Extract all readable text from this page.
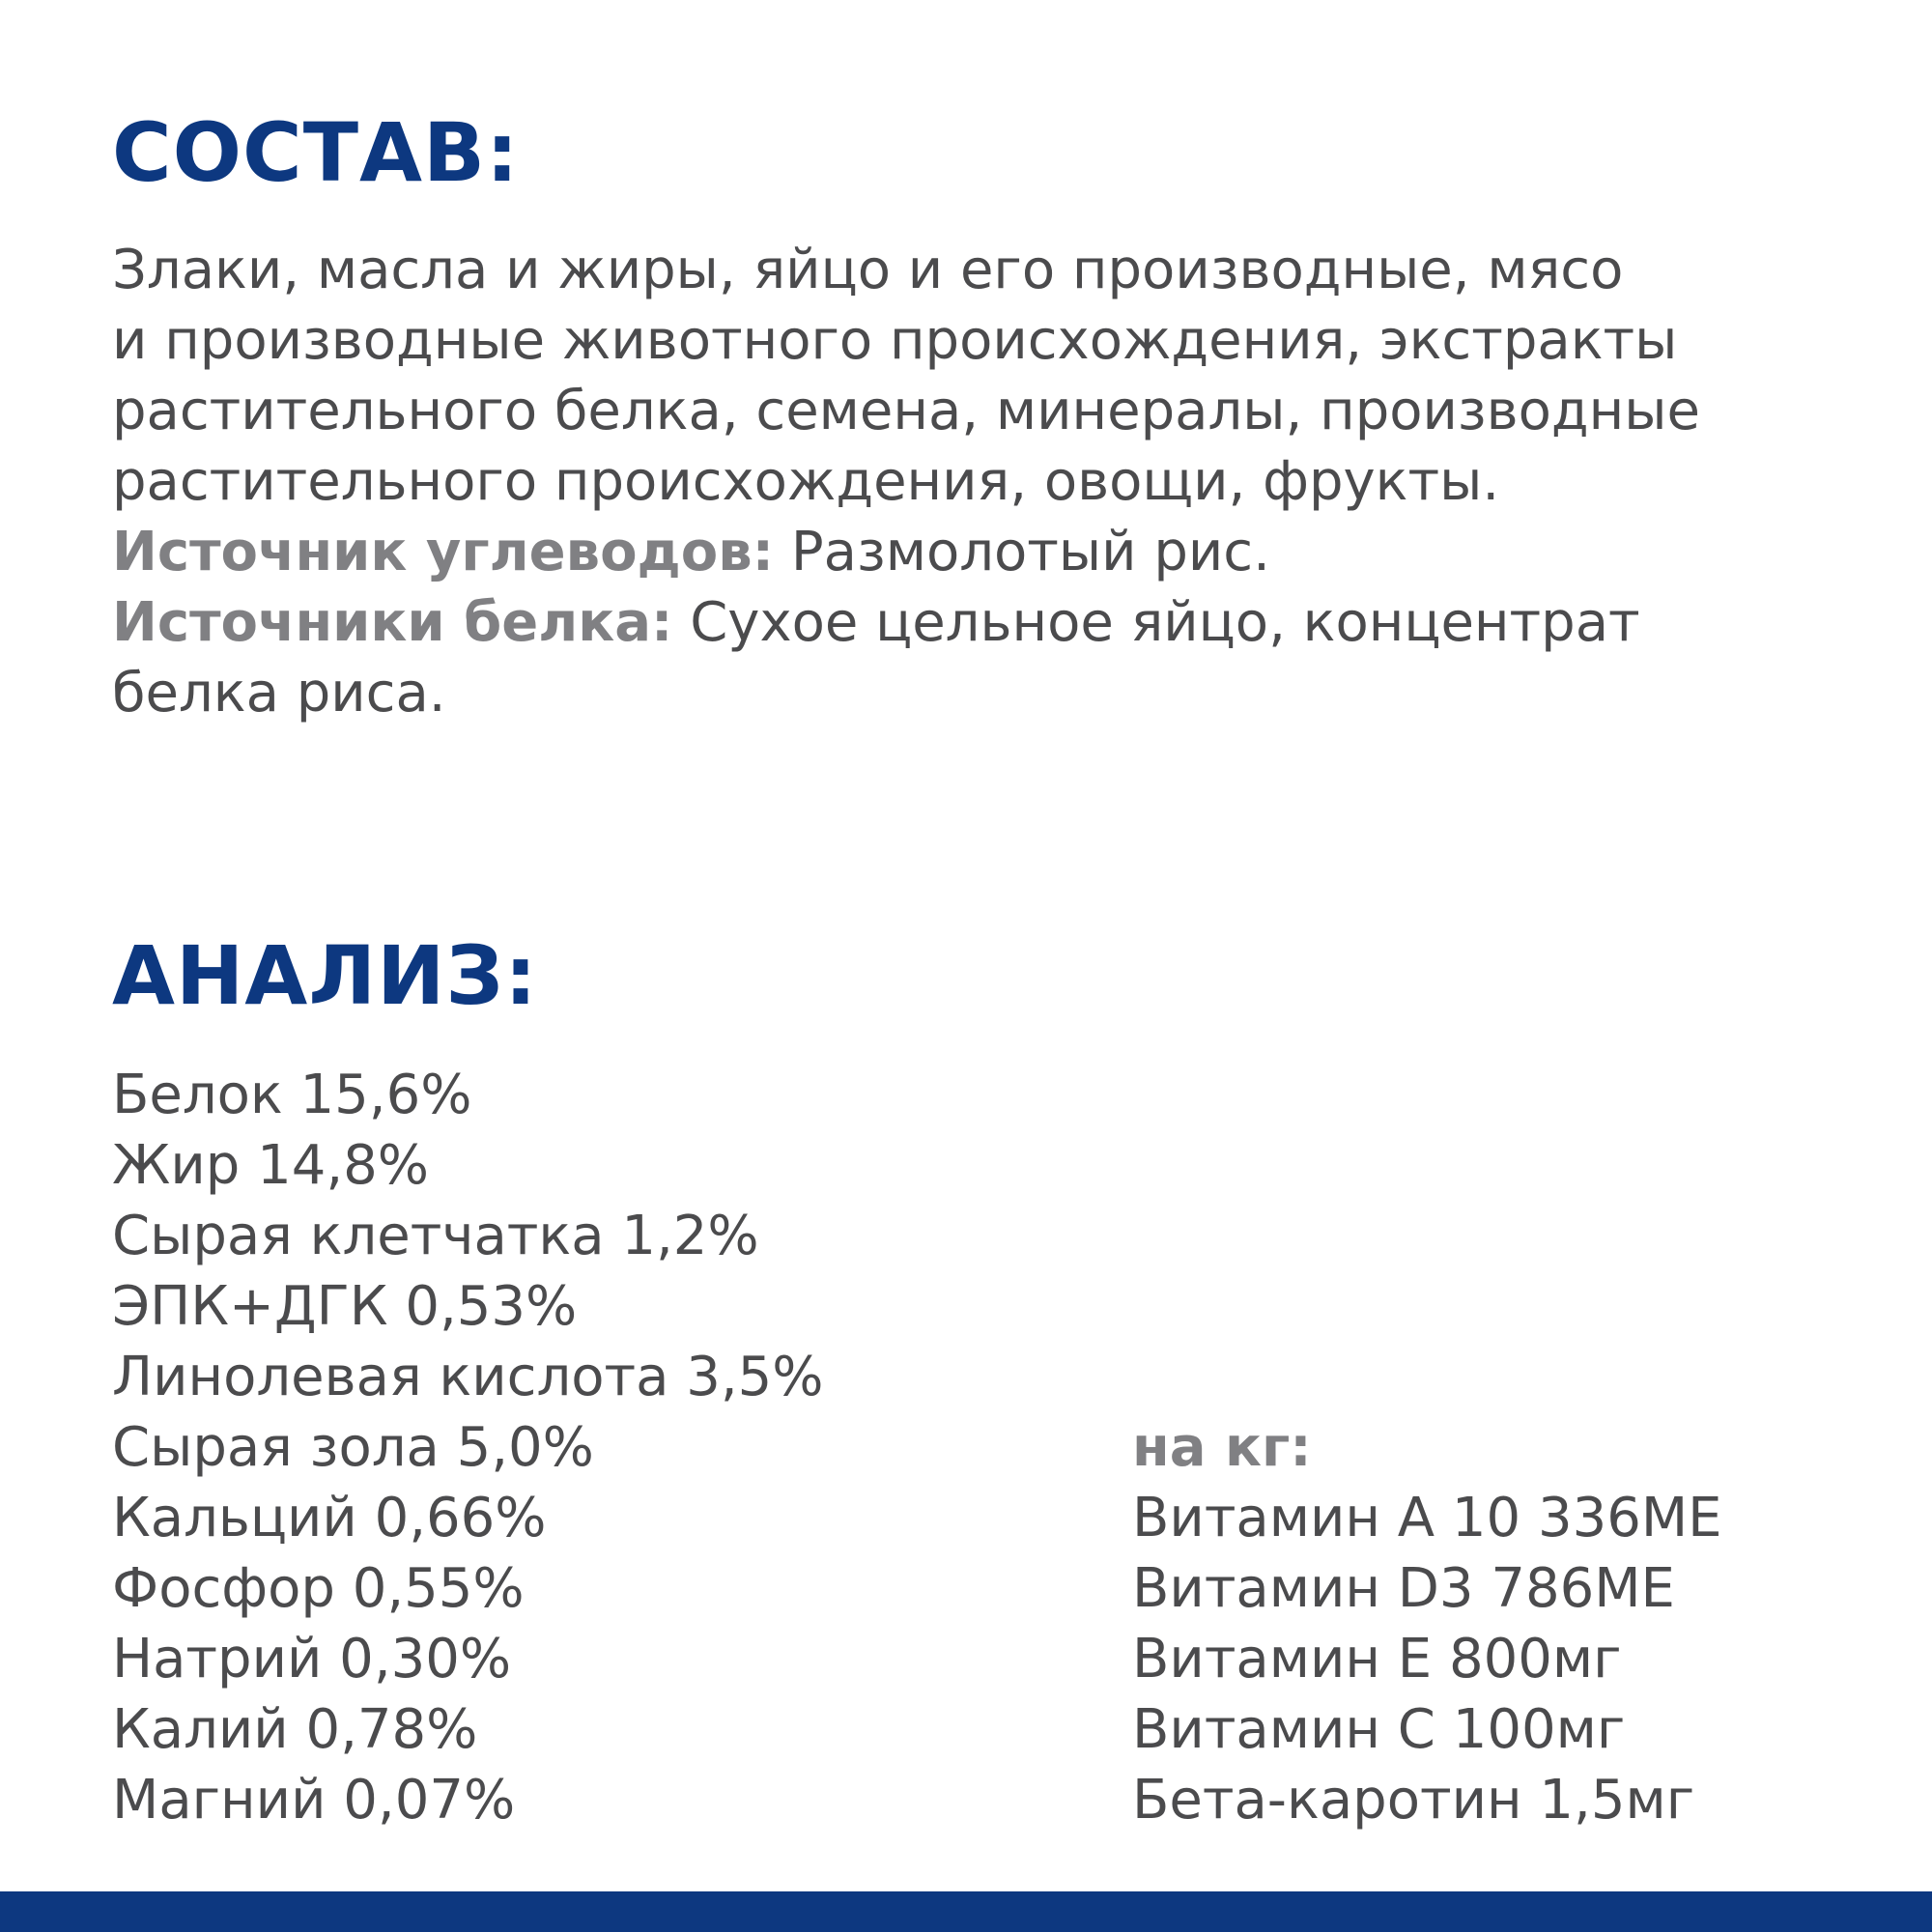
СОСТАВ:
Злаки, масла и жиры, яйцо и его производные, мясо
и производные животного происхождения, экстракты
растительного белка, семена, минералы, производные
растительного происхождения, овощи, фрукты.
Источник углеводов: Размолотый рис.
Источники белка: Сухое цельное яйцо, концентрат
белка риса.
АНАЛИЗ:
Белок 15,6%
Жир 14,8%
Сырая клетчатка 1,2%
ЭПК+ДГК 0,53%
Линолевая кислота 3,5%
Сырая зола 5,0%
Кальций 0,66%
Фосфор 0,55%
Натрий 0,30%
Калий 0,78%
Магний 0,07%
на кг:
Витамин А 10 336МЕ
Витамин D3 786МЕ
Витамин Е 800мг
Витамин С 100мг
Бета-каротин 1,5мг
